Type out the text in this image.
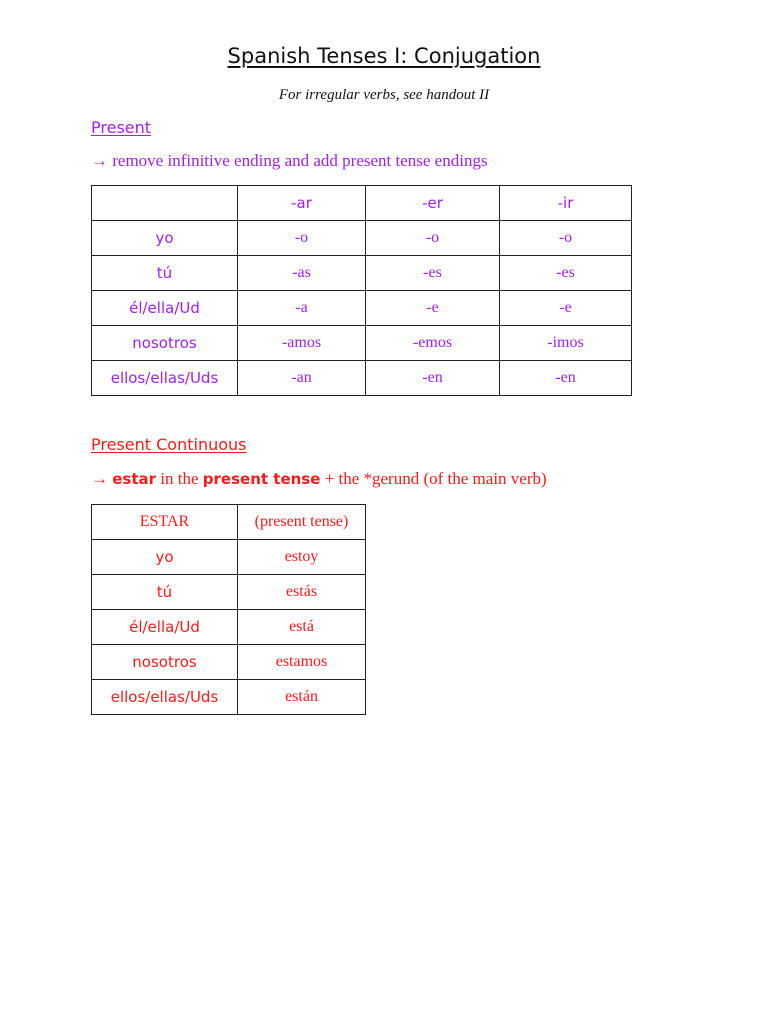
Spanish Tenses I: Conjugation
For irregular verbs, see handout II
Present
→ remove infinitive ending and add present tense endings
	-ar	-er	-ir
yo	-o	-o	-o
tú	-as	-es	-es
él/ella/Ud	-a	-e	-e
nosotros	-amos	-emos	-imos
ellos/ellas/Uds	-an	-en	-en
Present Continuous
→ estar in the present tense + the *gerund (of the main verb)
ESTAR	(present tense)
yo	estoy
tú	estás
él/ella/Ud	está
nosotros	estamos
ellos/ellas/Uds	están
